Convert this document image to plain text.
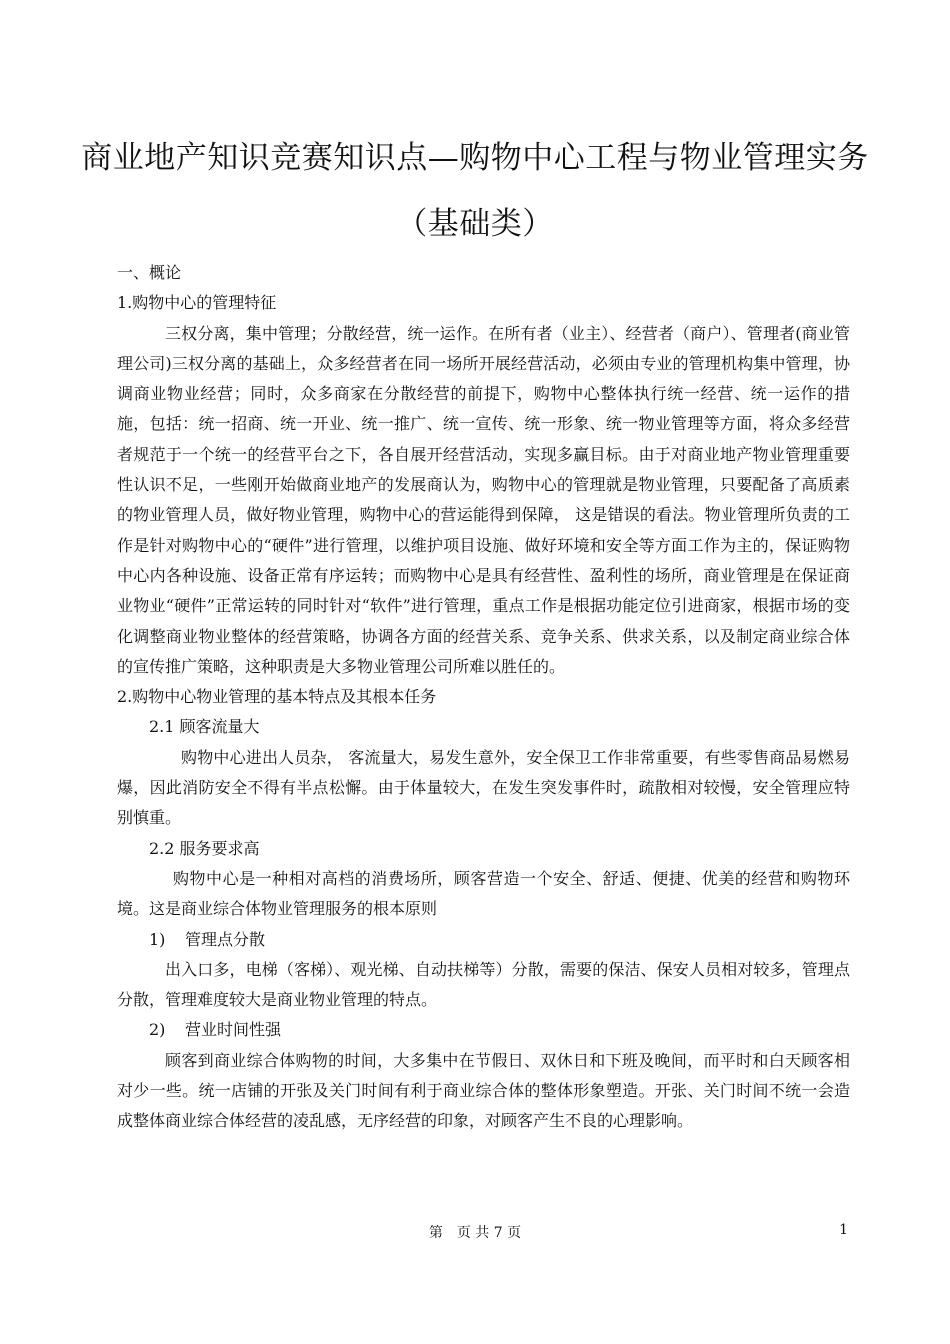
商业地产知识竞赛知识点—购物中心工程与物业管理实务
（基础类）
一、概论
1.购物中心的管理特征

三权分离，集中管理；分散经营，统一运作。在所有者（业主）、经营者（商户）、管理者(商业管理公司)三权分离的基础上，众多经营者在同一场所开展经营活动，必须由专业的管理机构集中管理，协调商业物业经营；同时，众多商家在分散经营的前提下，购物中心整体执行统一经营、统一运作的措施，包括：统一招商、统一开业、统一推广、统一宣传、统一形象、统一物业管理等方面，将众多经营者规范于一个统一的经营平台之下，各自展开经营活动，实现多赢目标。由于对商业地产物业管理重要性认识不足，一些刚开始做商业地产的发展商认为，购物中心的管理就是物业管理，只要配备了高质素的物业管理人员，做好物业管理，购物中心的营运能得到保障， 这是错误的看法。物业管理所负责的工作是针对购物中心的“硬件”进行管理，以维护项目设施、做好环境和安全等方面工作为主的，保证购物中心内各种设施、设备正常有序运转；而购物中心是具有经营性、盈利性的场所，商业管理是在保证商业物业“硬件”正常运转的同时针对“软件”进行管理，重点工作是根据功能定位引进商家，根据市场的变化调整商业物业整体的经营策略，协调各方面的经营关系、竞争关系、供求关系，以及制定商业综合体的宣传推广策略，这种职责是大多物业管理公司所难以胜任的。

2.购物中心物业管理的基本特点及其根本任务
2.1 顾客流量大

购物中心进出人员杂， 客流量大，易发生意外，安全保卫工作非常重要，有些零售商品易燃易爆，因此消防安全不得有半点松懈。由于体量较大，在发生突发事件时，疏散相对较慢，安全管理应特别慎重。

2.2 服务要求高

购物中心是一种相对高档的消费场所，顾客营造一个安全、舒适、便捷、优美的经营和购物环境。这是商业综合体物业管理服务的根本原则

1) 管理点分散

出入口多，电梯（客梯）、观光梯、自动扶梯等）分散，需要的保洁、保安人员相对较多，管理点分散，管理难度较大是商业物业管理的特点。

2) 营业时间性强

顾客到商业综合体购物的时间，大多集中在节假日、双休日和下班及晚间，而平时和白天顾客相对少一些。统一店铺的开张及关门时间有利于商业综合体的整体形象塑造。开张、关门时间不统一会造成整体商业综合体经营的凌乱感，无序经营的印象，对顾客产生不良的心理影响。

第　页 共 7 页	1
